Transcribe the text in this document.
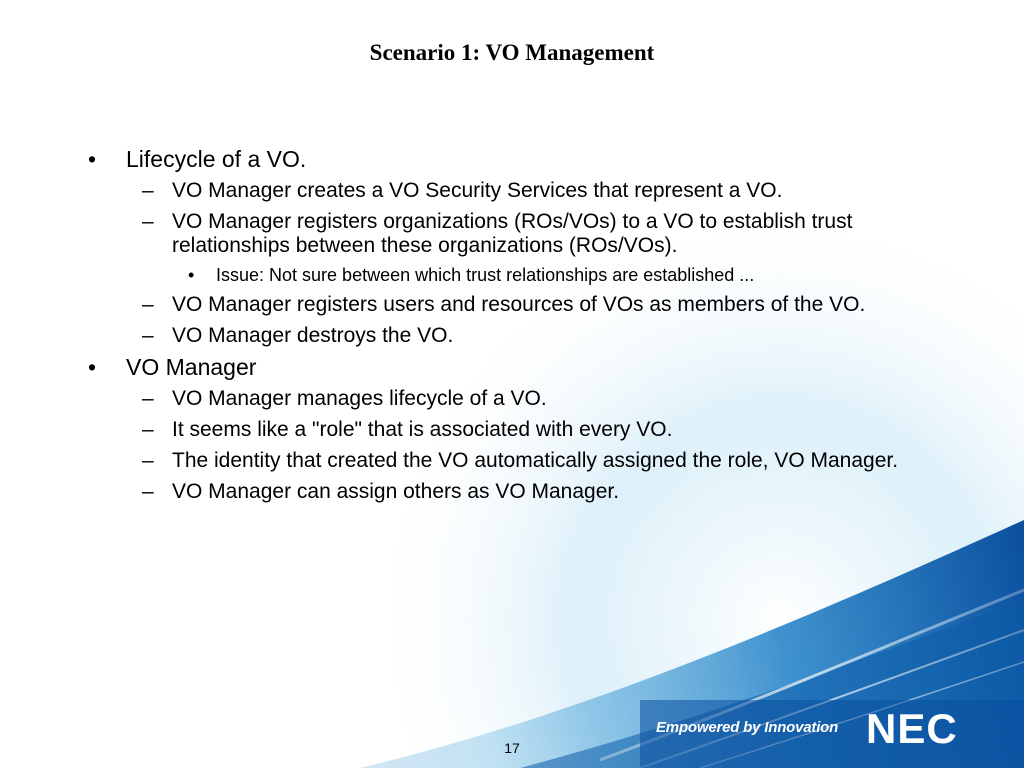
Scenario 1: VO Management
• Lifecycle of a VO.
– VO Manager creates a VO Security Services that represent a VO.
– VO Manager registers organizations (ROs/VOs) to a VO to establish trust relationships between these organizations (ROs/VOs).
• Issue: Not sure between which trust relationships are established ...
– VO Manager registers users and resources of VOs as members of the VO.
– VO Manager destroys the VO.
• VO Manager
– VO Manager manages lifecycle of a VO.
– It seems like a "role" that is associated with every VO.
– The identity that created the VO automatically assigned the role, VO Manager.
– VO Manager can assign others as VO Manager.
Empowered by Innovation NEC
17
